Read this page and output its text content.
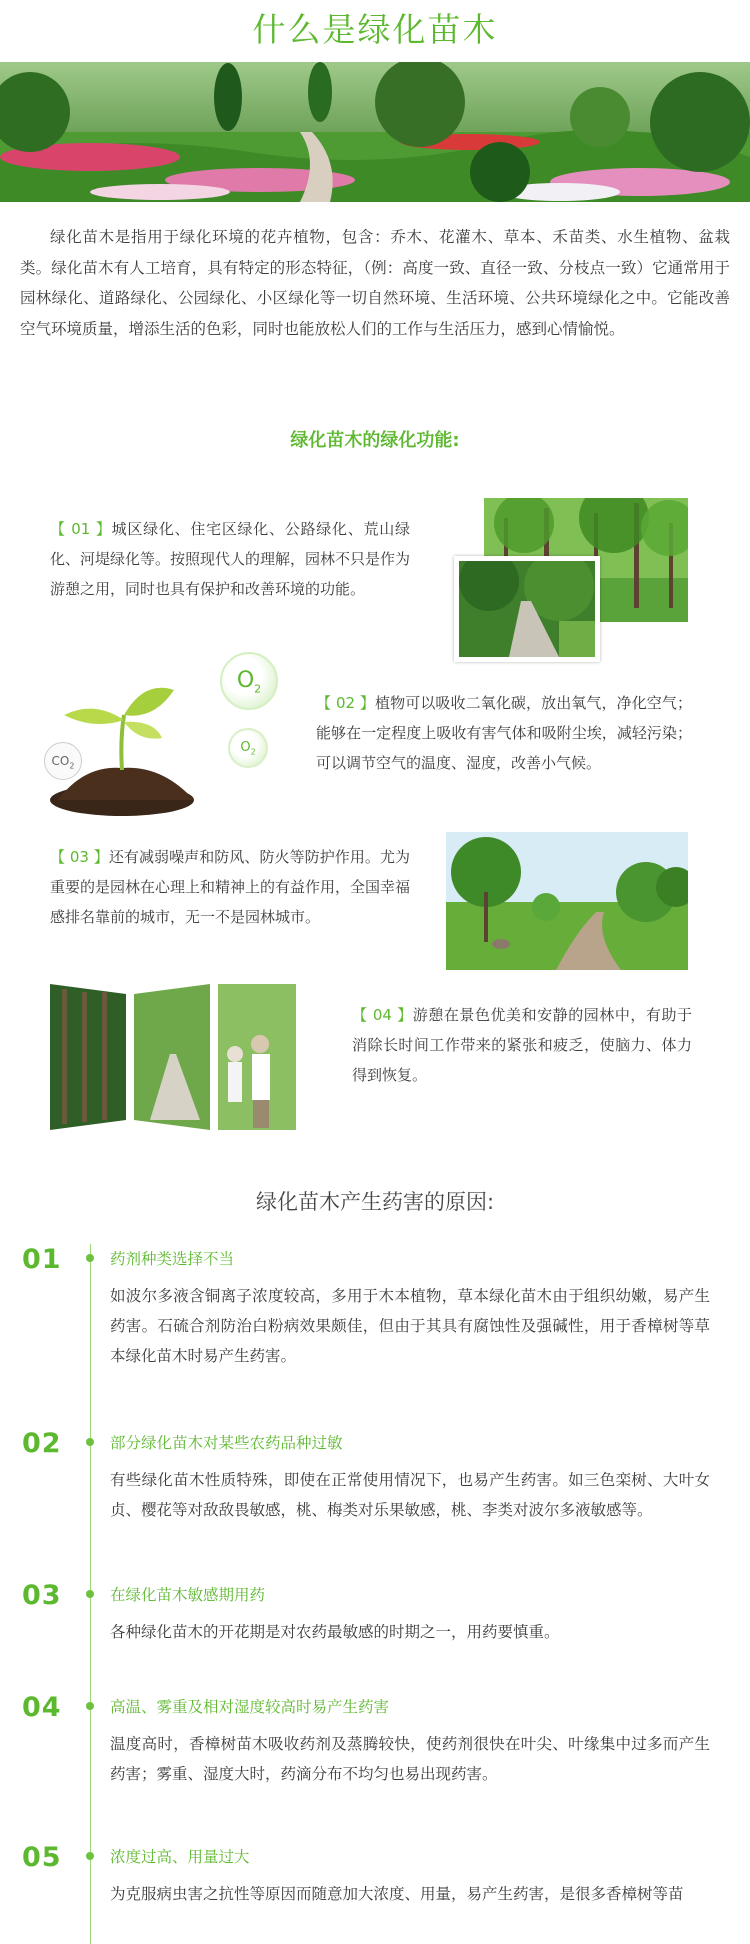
什么是绿化苗木
绿化苗木是指用于绿化环境的花卉植物，包含：乔木、花灌木、草本、禾苗类、水生植物、盆栽类。绿化苗木有人工培育，具有特定的形态特征，（例：高度一致、直径一致、分枝点一致）它通常用于园林绿化、道路绿化、公园绿化、小区绿化等一切自然环境、生活环境、公共环境绿化之中。它能改善空气环境质量，增添生活的色彩，同时也能放松人们的工作与生活压力，感到心情愉悦。
绿化苗木的绿化功能:
【 01 】城区绿化、住宅区绿化、公路绿化、荒山绿化、河堤绿化等。按照现代人的理解，园林不只是作为游憩之用，同时也具有保护和改善环境的功能。
$CO_2$
$O_2$
$O_2$
【 02 】植物可以吸收二氧化碳，放出氧气，净化空气；能够在一定程度上吸收有害气体和吸附尘埃，减轻污染；可以调节空气的温度、湿度，改善小气候。
【 03 】还有减弱噪声和防风、防火等防护作用。尤为重要的是园林在心理上和精神上的有益作用，全国幸福感排名靠前的城市，无一不是园林城市。
【 04 】游憩在景色优美和安静的园林中，有助于消除长时间工作带来的紧张和疲乏，使脑力、体力得到恢复。
绿化苗木产生药害的原因:
01	药剂种类选择不当
如波尔多液含铜离子浓度较高，多用于木本植物，草本绿化苗木由于组织幼嫩，易产生药害。石硫合剂防治白粉病效果颇佳，但由于其具有腐蚀性及强碱性，用于香樟树等草本绿化苗木时易产生药害。
02	部分绿化苗木对某些农药品种过敏
有些绿化苗木性质特殊，即使在正常使用情况下，也易产生药害。如三色栾树、大叶女贞、樱花等对敌敌畏敏感，桃、梅类对乐果敏感，桃、李类对波尔多液敏感等。
03	在绿化苗木敏感期用药
各种绿化苗木的开花期是对农药最敏感的时期之一，用药要慎重。
04	高温、雾重及相对湿度较高时易产生药害
温度高时，香樟树苗木吸收药剂及蒸腾较快，使药剂很快在叶尖、叶缘集中过多而产生药害；雾重、湿度大时，药滴分布不均匀也易出现药害。
05	浓度过高、用量过大
为克服病虫害之抗性等原因而随意加大浓度、用量，易产生药害，是很多香樟树等苗
